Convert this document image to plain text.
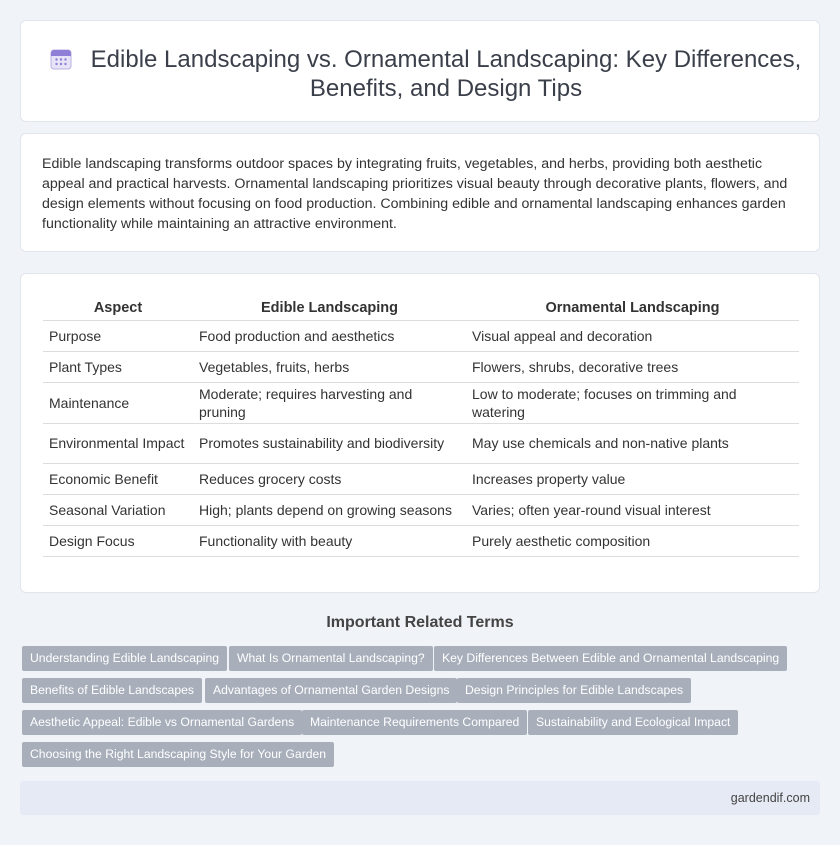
Edible Landscaping vs. Ornamental Landscaping: Key Differences, Benefits, and Design Tips

Edible landscaping transforms outdoor spaces by integrating fruits, vegetables, and herbs, providing both aesthetic appeal and practical harvests. Ornamental landscaping prioritizes visual beauty through decorative plants, flowers, and design elements without focusing on food production. Combining edible and ornamental landscaping enhances garden functionality while maintaining an attractive environment.

Aspect	Edible Landscaping	Ornamental Landscaping
Purpose	Food production and aesthetics	Visual appeal and decoration
Plant Types	Vegetables, fruits, herbs	Flowers, shrubs, decorative trees
Maintenance	Moderate; requires harvesting and pruning	Low to moderate; focuses on trimming and watering
Environmental Impact	Promotes sustainability and biodiversity	May use chemicals and non-native plants
Economic Benefit	Reduces grocery costs	Increases property value
Seasonal Variation	High; plants depend on growing seasons	Varies; often year-round visual interest
Design Focus	Functionality with beauty	Purely aesthetic composition
Important Related Terms
Understanding Edible Landscaping	What Is Ornamental Landscaping?	Key Differences Between Edible and Ornamental Landscaping
Benefits of Edible Landscapes	Advantages of Ornamental Garden Designs	Design Principles for Edible Landscapes
Aesthetic Appeal: Edible vs Ornamental Gardens	Maintenance Requirements Compared	Sustainability and Ecological Impact
Choosing the Right Landscaping Style for Your Garden
gardendif.com
